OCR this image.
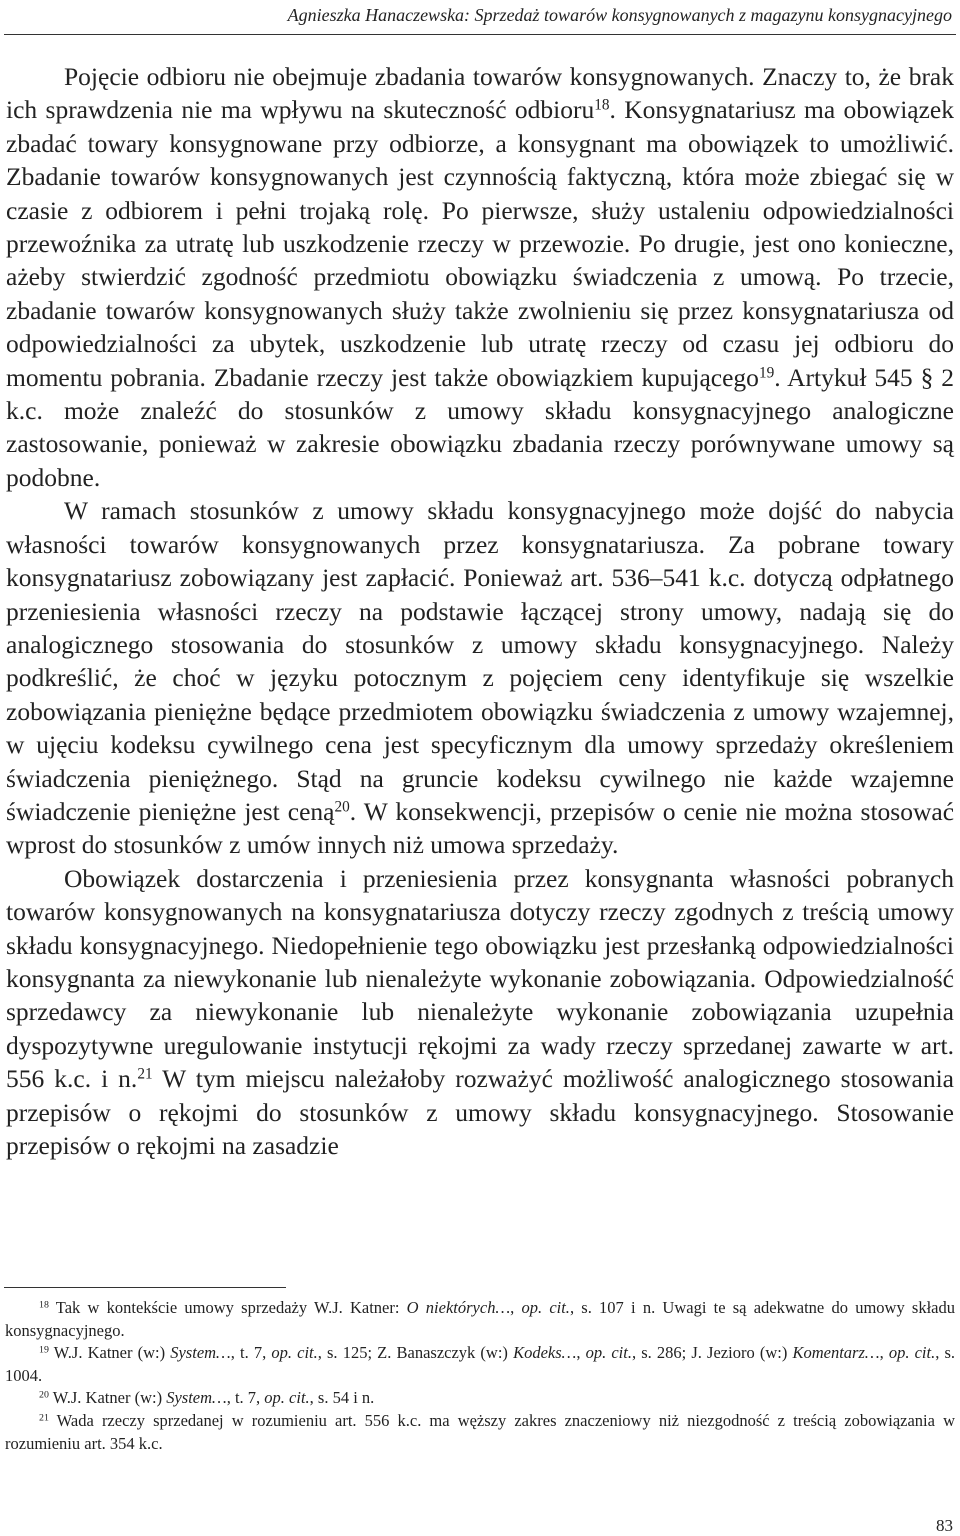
Agnieszka Hanaczewska: Sprzedaż towarów konsygnowanych z magazynu konsygnacyjnego

Pojęcie odbioru nie obejmuje zbadania towarów konsygnowanych. Znaczy to, że brak ich sprawdzenia nie ma wpływu na skuteczność odbioru$^{18}$. Konsygnatariusz ma obowiązek zbadać towary konsygnowane przy odbiorze, a konsygnant ma obowiązek to umożliwić. Zbadanie towarów konsygnowanych jest czynnością faktyczną, która może zbiegać się w czasie z odbiorem i pełni trojaką rolę. Po pierwsze, służy ustaleniu odpowiedzialności przewoźnika za utratę lub uszkodzenie rzeczy w przewozie. Po drugie, jest ono konieczne, ażeby stwierdzić zgodność przedmiotu obowiązku świadczenia z umową. Po trzecie, zbadanie towarów konsygnowanych służy także zwolnieniu się przez konsygnatariusza od odpowiedzialności za ubytek, uszkodzenie lub utratę rzeczy od czasu jej odbioru do momentu pobrania. Zbadanie rzeczy jest także obowiązkiem kupującego$^{19}$. Artykuł 545 § 2 k.c. może znaleźć do stosunków z umowy składu konsygnacyjnego analogiczne zastosowanie, ponieważ w zakresie obowiązku zbadania rzeczy porównywane umowy są podobne.

W ramach stosunków z umowy składu konsygnacyjnego może dojść do nabycia własności towarów konsygnowanych przez konsygnatariusza. Za pobrane towary konsygnatariusz zobowiązany jest zapłacić. Ponieważ art. 536–541 k.c. dotyczą odpłatnego przeniesienia własności rzeczy na podstawie łączącej strony umowy, nadają się do analogicznego stosowania do stosunków z umowy składu konsygnacyjnego. Należy podkreślić, że choć w języku potocznym z pojęciem ceny identyfikuje się wszelkie zobowiązania pieniężne będące przedmiotem obowiązku świadczenia z umowy wzajemnej, w ujęciu kodeksu cywilnego cena jest specyficznym dla umowy sprzedaży określeniem świadczenia pieniężnego. Stąd na gruncie kodeksu cywilnego nie każde wzajemne świadczenie pieniężne jest ceną$^{20}$. W konsekwencji, przepisów o cenie nie można stosować wprost do stosunków z umów innych niż umowa sprzedaży.

Obowiązek dostarczenia i przeniesienia przez konsygnanta własności pobranych towarów konsygnowanych na konsygnatariusza dotyczy rzeczy zgodnych z treścią umowy składu konsygnacyjnego. Niedopełnienie tego obowiązku jest przesłanką odpowiedzialności konsygnanta za niewykonanie lub nienależyte wykonanie zobowiązania. Odpowiedzialność sprzedawcy za niewykonanie lub nienależyte wykonanie zobowiązania uzupełnia dyspozytywne uregulowanie instytucji rękojmi za wady rzeczy sprzedanej zawarte w art. 556 k.c. i n.$^{21}$ W tym miejscu należałoby rozważyć możliwość analogicznego stosowania przepisów o rękojmi do stosunków z umowy składu konsygnacyjnego. Stosowanie przepisów o rękojmi na zasadzie

$^{18}$ Tak w kontekście umowy sprzedaży W.J. Katner: O niektórych…, op. cit., s. 107 i n. Uwagi te są adekwatne do umowy składu konsygnacyjnego.

$^{19}$ W.J. Katner (w:) System…, t. 7, op. cit., s. 125; Z. Banaszczyk (w:) Kodeks…, op. cit., s. 286; J. Jezioro (w:) Komentarz…, op. cit., s. 1004.

$^{20}$ W.J. Katner (w:) System…, t. 7, op. cit., s. 54 i n.

$^{21}$ Wada rzeczy sprzedanej w rozumieniu art. 556 k.c. ma węższy zakres znaczeniowy niż niezgodność z treścią zobowiązania w rozumieniu art. 354 k.c.

83
